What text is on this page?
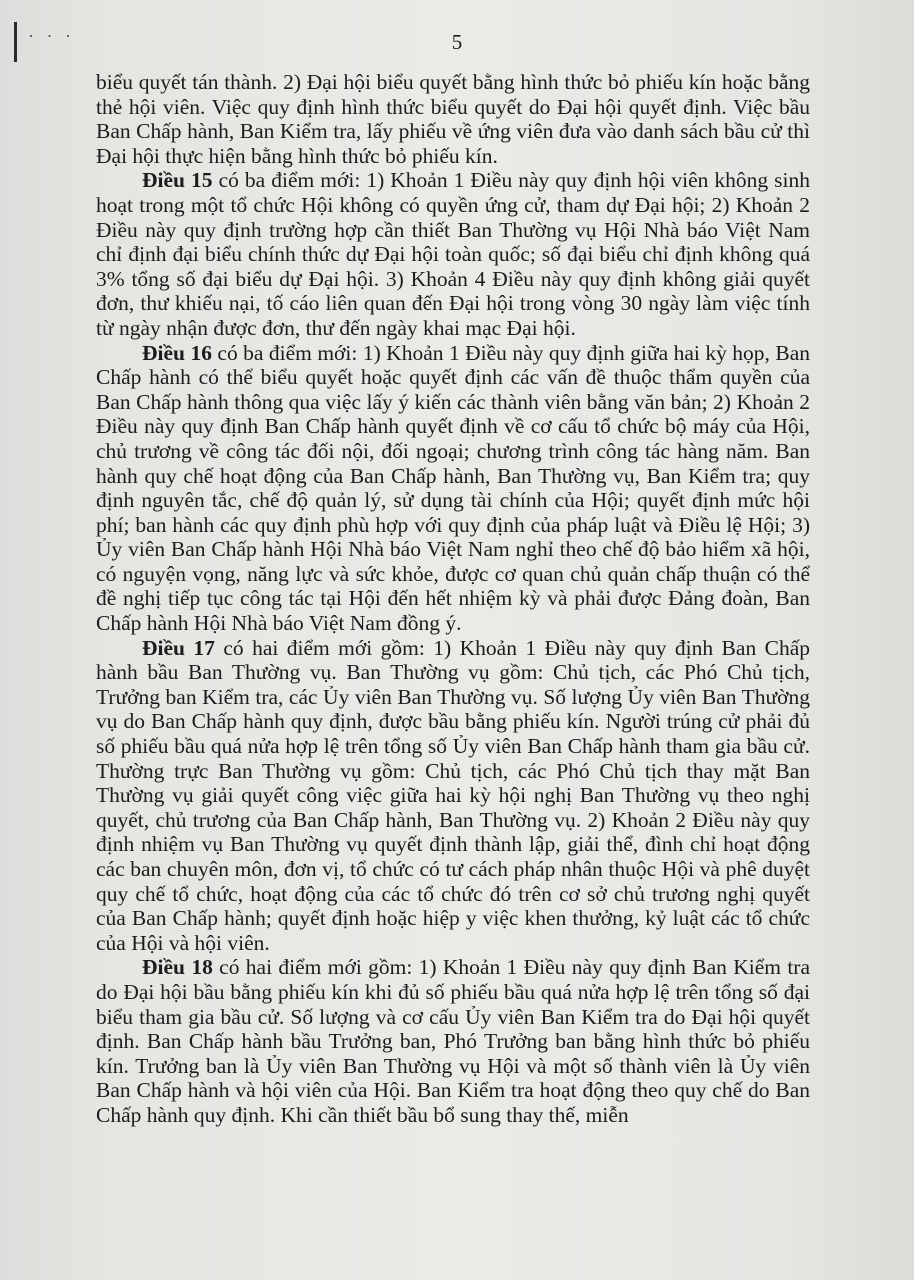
· · ·	5

biểu quyết tán thành. 2) Đại hội biểu quyết bằng hình thức bỏ phiếu kín hoặc bằng thẻ hội viên. Việc quy định hình thức biểu quyết do Đại hội quyết định. Việc bầu Ban Chấp hành, Ban Kiểm tra, lấy phiếu về ứng viên đưa vào danh sách bầu cử thì Đại hội thực hiện bằng hình thức bỏ phiếu kín.

Điều 15 có ba điểm mới: 1) Khoản 1 Điều này quy định hội viên không sinh hoạt trong một tổ chức Hội không có quyền ứng cử, tham dự Đại hội; 2) Khoản 2 Điều này quy định trường hợp cần thiết Ban Thường vụ Hội Nhà báo Việt Nam chỉ định đại biểu chính thức dự Đại hội toàn quốc; số đại biểu chỉ định không quá 3% tổng số đại biểu dự Đại hội. 3) Khoản 4 Điều này quy định không giải quyết đơn, thư khiếu nại, tố cáo liên quan đến Đại hội trong vòng 30 ngày làm việc tính từ ngày nhận được đơn, thư đến ngày khai mạc Đại hội.

Điều 16 có ba điểm mới: 1) Khoản 1 Điều này quy định giữa hai kỳ họp, Ban Chấp hành có thể biểu quyết hoặc quyết định các vấn đề thuộc thẩm quyền của Ban Chấp hành thông qua việc lấy ý kiến các thành viên bằng văn bản; 2) Khoản 2 Điều này quy định Ban Chấp hành quyết định về cơ cấu tổ chức bộ máy của Hội, chủ trương về công tác đối nội, đối ngoại; chương trình công tác hàng năm. Ban hành quy chế hoạt động của Ban Chấp hành, Ban Thường vụ, Ban Kiểm tra; quy định nguyên tắc, chế độ quản lý, sử dụng tài chính của Hội; quyết định mức hội phí; ban hành các quy định phù hợp với quy định của pháp luật và Điều lệ Hội; 3) Ủy viên Ban Chấp hành Hội Nhà báo Việt Nam nghỉ theo chế độ bảo hiểm xã hội, có nguyện vọng, năng lực và sức khỏe, được cơ quan chủ quản chấp thuận có thể đề nghị tiếp tục công tác tại Hội đến hết nhiệm kỳ và phải được Đảng đoàn, Ban Chấp hành Hội Nhà báo Việt Nam đồng ý.

Điều 17 có hai điểm mới gồm: 1) Khoản 1 Điều này quy định Ban Chấp hành bầu Ban Thường vụ. Ban Thường vụ gồm: Chủ tịch, các Phó Chủ tịch, Trưởng ban Kiểm tra, các Ủy viên Ban Thường vụ. Số lượng Ủy viên Ban Thường vụ do Ban Chấp hành quy định, được bầu bằng phiếu kín. Người trúng cử phải đủ số phiếu bầu quá nửa hợp lệ trên tổng số Ủy viên Ban Chấp hành tham gia bầu cử. Thường trực Ban Thường vụ gồm: Chủ tịch, các Phó Chủ tịch thay mặt Ban Thường vụ giải quyết công việc giữa hai kỳ hội nghị Ban Thường vụ theo nghị quyết, chủ trương của Ban Chấp hành, Ban Thường vụ. 2) Khoản 2 Điều này quy định nhiệm vụ Ban Thường vụ quyết định thành lập, giải thể, đình chỉ hoạt động các ban chuyên môn, đơn vị, tổ chức có tư cách pháp nhân thuộc Hội và phê duyệt quy chế tổ chức, hoạt động của các tổ chức đó trên cơ sở chủ trương nghị quyết của Ban Chấp hành; quyết định hoặc hiệp y việc khen thưởng, kỷ luật các tổ chức của Hội và hội viên.

Điều 18 có hai điểm mới gồm: 1) Khoản 1 Điều này quy định Ban Kiểm tra do Đại hội bầu bằng phiếu kín khi đủ số phiếu bầu quá nửa hợp lệ trên tổng số đại biểu tham gia bầu cử. Số lượng và cơ cấu Ủy viên Ban Kiểm tra do Đại hội quyết định. Ban Chấp hành bầu Trưởng ban, Phó Trưởng ban bằng hình thức bỏ phiếu kín. Trưởng ban là Ủy viên Ban Thường vụ Hội và một số thành viên là Ủy viên Ban Chấp hành và hội viên của Hội. Ban Kiểm tra hoạt động theo quy chế do Ban Chấp hành quy định. Khi cần thiết bầu bổ sung thay thế, miễn
